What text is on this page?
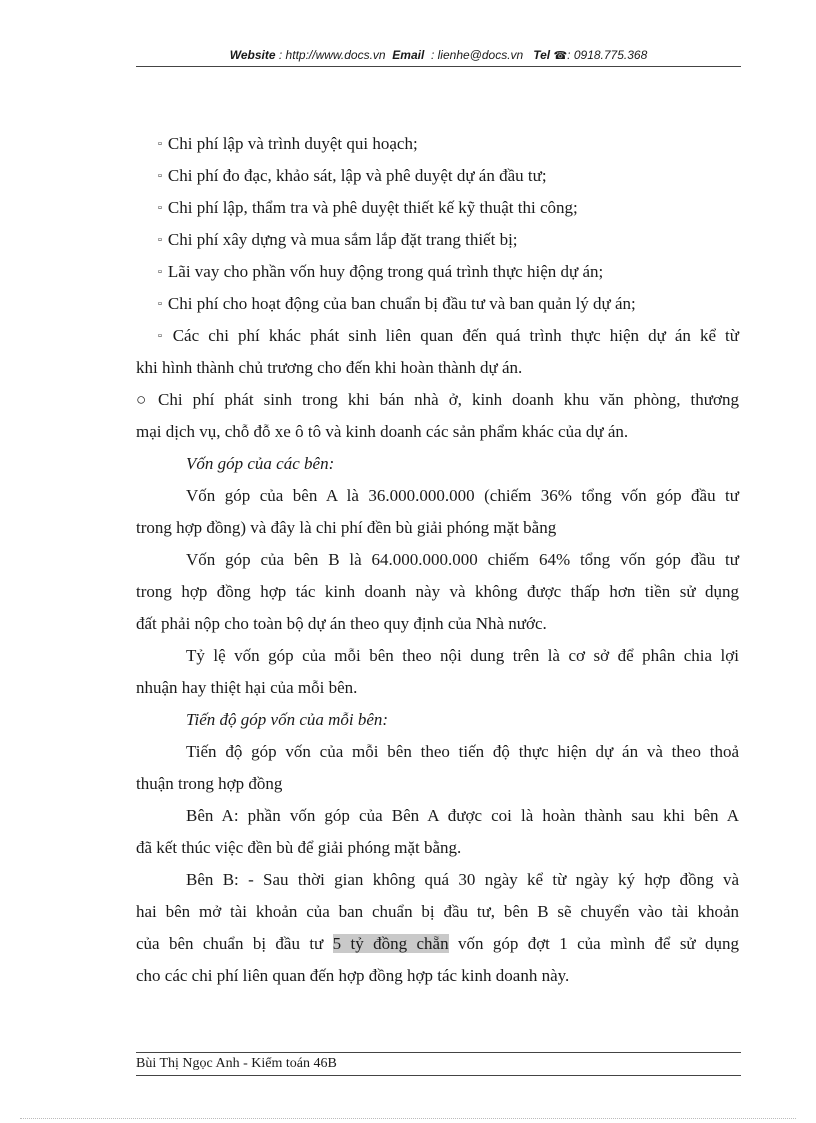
Website : http://www.docs.vn Email : lienhe@docs.vn Tel ☎: 0918.775.368
▫ Chi phí lập và trình duyệt qui hoạch;
▫ Chi phí đo đạc, khảo sát, lập và phê duyệt dự án đầu tư;
▫ Chi phí lập, thẩm tra và phê duyệt thiết kế kỹ thuật thi công;
▫ Chi phí xây dựng và mua sắm lắp đặt trang thiết bị;
▫ Lãi vay cho phần vốn huy động trong quá trình thực hiện dự án;
▫ Chi phí cho hoạt động của ban chuẩn bị đầu tư và ban quản lý dự án;
▫ Các chi phí khác phát sinh liên quan đến quá trình thực hiện dự án kể từ
khi hình thành chủ trương cho đến khi hoàn thành dự án.
○ Chi phí phát sinh trong khi bán nhà ở, kinh doanh khu văn phòng, thương
mại dịch vụ, chỗ đỗ xe ô tô và kinh doanh các sản phẩm khác của dự án.
Vốn góp của các bên:
Vốn góp của bên A là 36.000.000.000 (chiếm 36% tổng vốn góp đầu tư
trong hợp đồng) và đây là chi phí đền bù giải phóng mặt bằng
Vốn góp của bên B là 64.000.000.000 chiếm 64% tổng vốn góp đầu tư
trong hợp đồng hợp tác kinh doanh này và không được thấp hơn tiền sử dụng
đất phải nộp cho toàn bộ dự án theo quy định của Nhà nước.
Tỷ lệ vốn góp của mỗi bên theo nội dung trên là cơ sở để phân chia lợi
nhuận hay thiệt hại của mỗi bên.
Tiến độ góp vốn của mỗi bên:
Tiến độ góp vốn của mỗi bên theo tiến độ thực hiện dự án và theo thoả
thuận trong hợp đồng
Bên A: phần vốn góp của Bên A được coi là hoàn thành sau khi bên A
đã kết thúc việc đền bù để giải phóng mặt bằng.
Bên B: - Sau thời gian không quá 30 ngày kể từ ngày ký hợp đồng và
hai bên mở tài khoản của ban chuẩn bị đầu tư, bên B sẽ chuyển vào tài khoản
của bên chuẩn bị đầu tư 5 tỷ đồng chẵn vốn góp đợt 1 của mình để sử dụng
cho các chi phí liên quan đến hợp đồng hợp tác kinh doanh này.
Bùi Thị Ngọc Anh - Kiểm toán 46B
